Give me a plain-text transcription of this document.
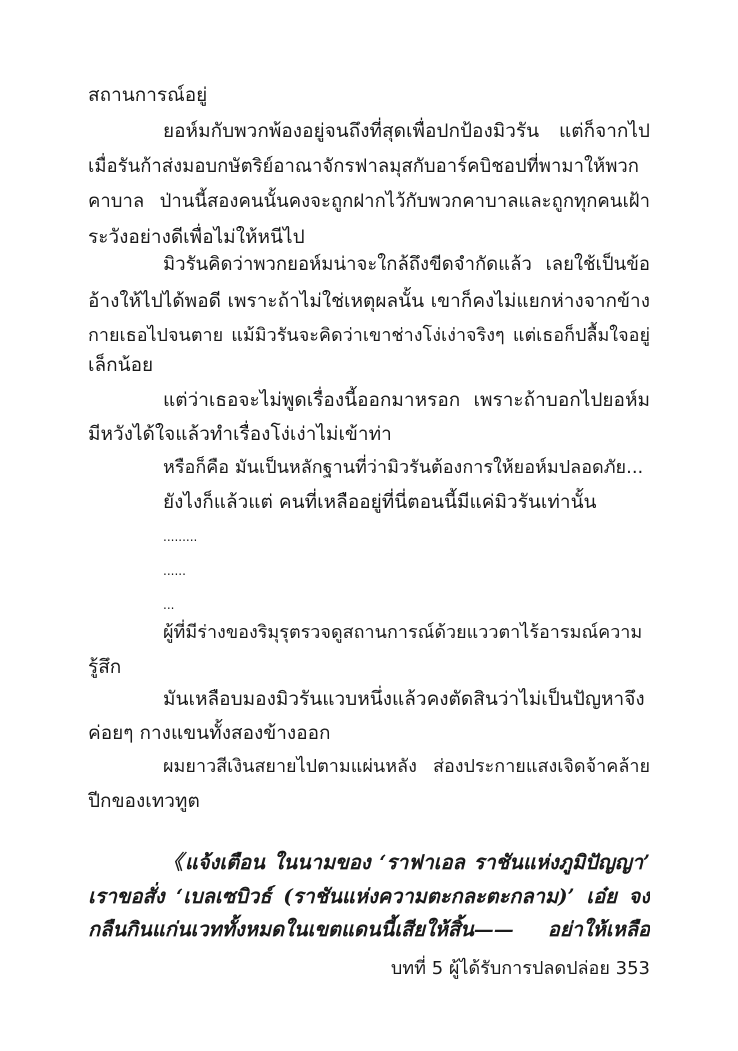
สถานการณ์อยู่
ยอห์มกับพวกพ้องอยู่จนถึงที่สุดเพื่อปกป้องมิวรัน แต่ก็จากไป
เมื่อรันก้าส่งมอบกษัตริย์อาณาจักรฟาลมุสกับอาร์คบิชอปที่พามาให้พวก
คาบาล ป่านนี้สองคนนั้นคงจะถูกฝากไว้กับพวกคาบาลและถูกทุกคนเฝ้า
ระวังอย่างดีเพื่อไม่ให้หนีไป
มิวรันคิดว่าพวกยอห์มน่าจะใกล้ถึงขีดจำกัดแล้ว เลยใช้เป็นข้อ
อ้างให้ไปได้พอดี เพราะถ้าไม่ใช่เหตุผลนั้น เขาก็คงไม่แยกห่างจากข้าง
กายเธอไปจนตาย แม้มิวรันจะคิดว่าเขาช่างโง่เง่าจริงๆ แต่เธอก็ปลื้มใจอยู่
เล็กน้อย
แต่ว่าเธอจะไม่พูดเรื่องนี้ออกมาหรอก เพราะถ้าบอกไปยอห์ม
มีหวังได้ใจแล้วทำเรื่องโง่เง่าไม่เข้าท่า
หรือก็คือ มันเป็นหลักฐานที่ว่ามิวรันต้องการให้ยอห์มปลอดภัย...
ยังไงก็แล้วแต่ คนที่เหลืออยู่ที่นี่ตอนนี้มีแค่มิวรันเท่านั้น
.........
......
...
ผู้ที่มีร่างของริมุรุตรวจดูสถานการณ์ด้วยแววตาไร้อารมณ์ความ
รู้สึก
มันเหลือบมองมิวรันแวบหนึ่งแล้วคงตัดสินว่าไม่เป็นปัญหาจึง
ค่อยๆ กางแขนทั้งสองข้างออก
ผมยาวสีเงินสยายไปตามแผ่นหลัง ส่องประกายแสงเจิดจ้าคล้าย
ปีกของเทวทูต
《แจ้งเตือน ในนามของ ‘ราฟาเอล ราชันแห่งภูมิปัญญา’
เราขอสั่ง ‘เบลเซบิวธ์ (ราชันแห่งความตะกละตะกลาม)’ เอ๋ย จง
กลืนกินแก่นเวททั้งหมดในเขตแดนนี้เสียให้สิ้น—— อย่าให้เหลือ
บทที่ 5 ผู้ได้รับการปลดปล่อย 353
